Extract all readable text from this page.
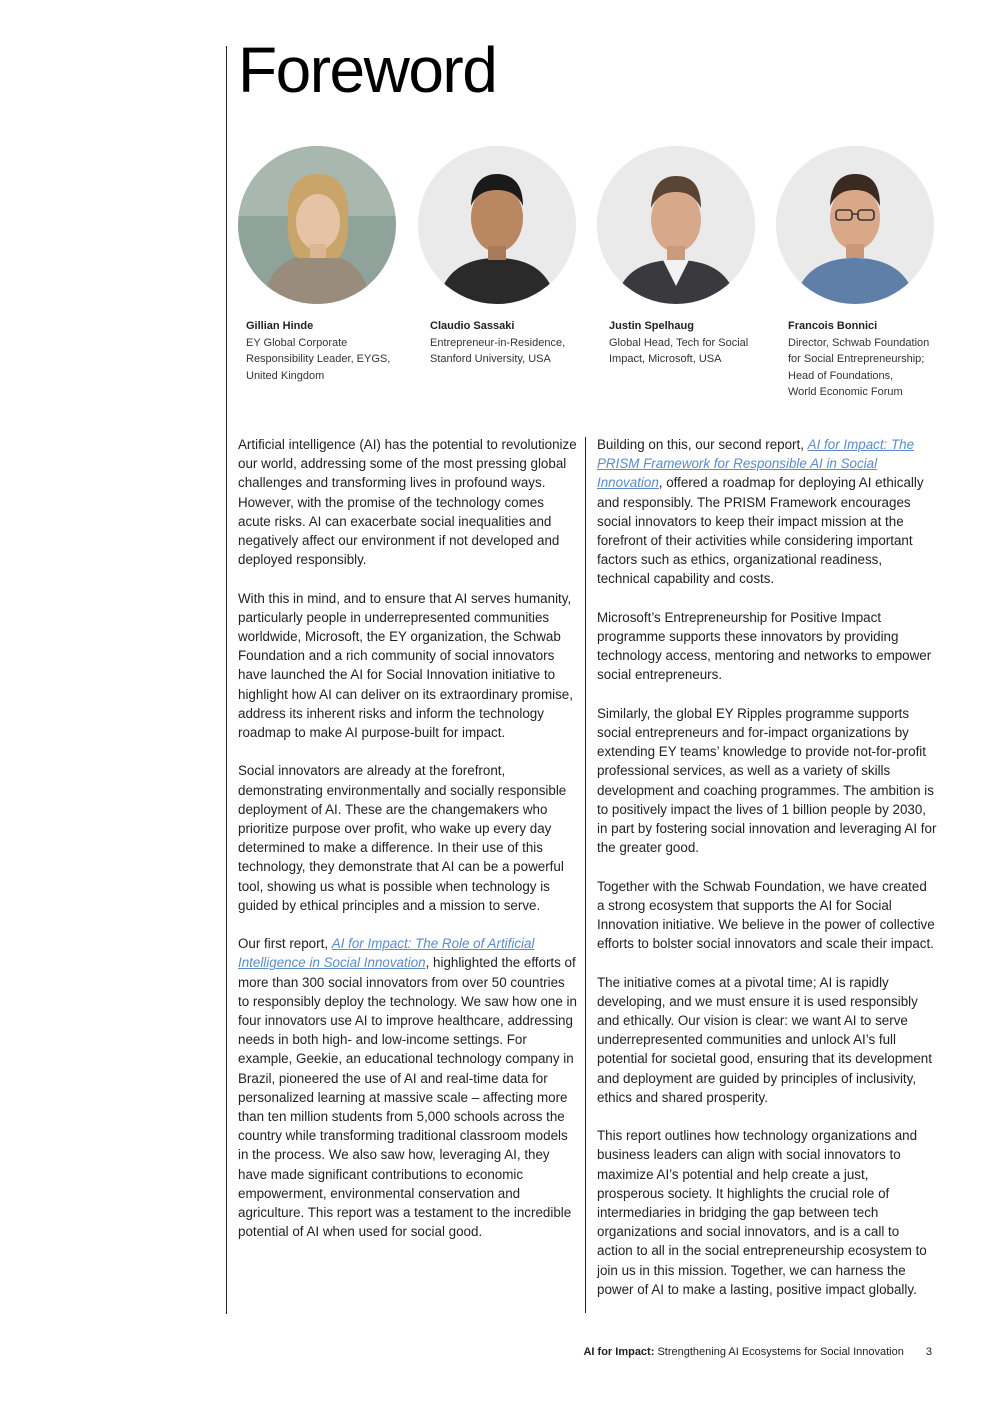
Foreword
Gillian Hinde
EY Global Corporate
Responsibility Leader, EYGS,
United Kingdom
Claudio Sassaki
Entrepreneur-in-Residence,
Stanford University, USA
Justin Spelhaug
Global Head, Tech for Social
Impact, Microsoft, USA
Francois Bonnici
Director, Schwab Foundation
for Social Entrepreneurship;
Head of Foundations,
World Economic Forum

Artificial intelligence (AI) has the potential to revolutionize our world, addressing some of the most pressing global challenges and transforming lives in profound ways. However, with the promise of the technology comes acute risks. AI can exacerbate social inequalities and negatively affect our environment if not developed and deployed responsibly.

With this in mind, and to ensure that AI serves humanity, particularly people in underrepresented communities worldwide, Microsoft, the EY organization, the Schwab Foundation and a rich community of social innovators have launched the AI for Social Innovation initiative to highlight how AI can deliver on its extraordinary promise, address its inherent risks and inform the technology roadmap to make AI purpose-built for impact.

Social innovators are already at the forefront, demonstrating environmentally and socially responsible deployment of AI. These are the changemakers who prioritize purpose over profit, who wake up every day determined to make a difference. In their use of this technology, they demonstrate that AI can be a powerful tool, showing us what is possible when technology is guided by ethical principles and a mission to serve.

Our first report, AI for Impact: The Role of Artificial Intelligence in Social Innovation, highlighted the efforts of more than 300 social innovators from over 50 countries to responsibly deploy the technology. We saw how one in four innovators use AI to improve healthcare, addressing needs in both high- and low-income settings. For example, Geekie, an educational technology company in Brazil, pioneered the use of AI and real-time data for personalized learning at massive scale – affecting more than ten million students from 5,000 schools across the country while transforming traditional classroom models in the process. We also saw how, leveraging AI, they have made significant contributions to economic empowerment, environmental conservation and agriculture. This report was a testament to the incredible potential of AI when used for social good.

Building on this, our second report, AI for Impact: The PRISM Framework for Responsible AI in Social Innovation, offered a roadmap for deploying AI ethically and responsibly. The PRISM Framework encourages social innovators to keep their impact mission at the forefront of their activities while considering important factors such as ethics, organizational readiness, technical capability and costs.

Microsoft’s Entrepreneurship for Positive Impact programme supports these innovators by providing technology access, mentoring and networks to empower social entrepreneurs.

Similarly, the global EY Ripples programme supports social entrepreneurs and for-impact organizations by extending EY teams’ knowledge to provide not-for-profit professional services, as well as a variety of skills development and coaching programmes. The ambition is to positively impact the lives of 1 billion people by 2030, in part by fostering social innovation and leveraging AI for the greater good.

Together with the Schwab Foundation, we have created a strong ecosystem that supports the AI for Social Innovation initiative. We believe in the power of collective efforts to bolster social innovators and scale their impact.

The initiative comes at a pivotal time; AI is rapidly developing, and we must ensure it is used responsibly and ethically. Our vision is clear: we want AI to serve underrepresented communities and unlock AI’s full potential for societal good, ensuring that its development and deployment are guided by principles of inclusivity, ethics and shared prosperity.

This report outlines how technology organizations and business leaders can align with social innovators to maximize AI’s potential and help create a just, prosperous society. It highlights the crucial role of intermediaries in bridging the gap between tech organizations and social innovators, and is a call to action to all in the social entrepreneurship ecosystem to join us in this mission. Together, we can harness the power of AI to make a lasting, positive impact globally.

AI for Impact: Strengthening AI Ecosystems for Social Innovation 3
